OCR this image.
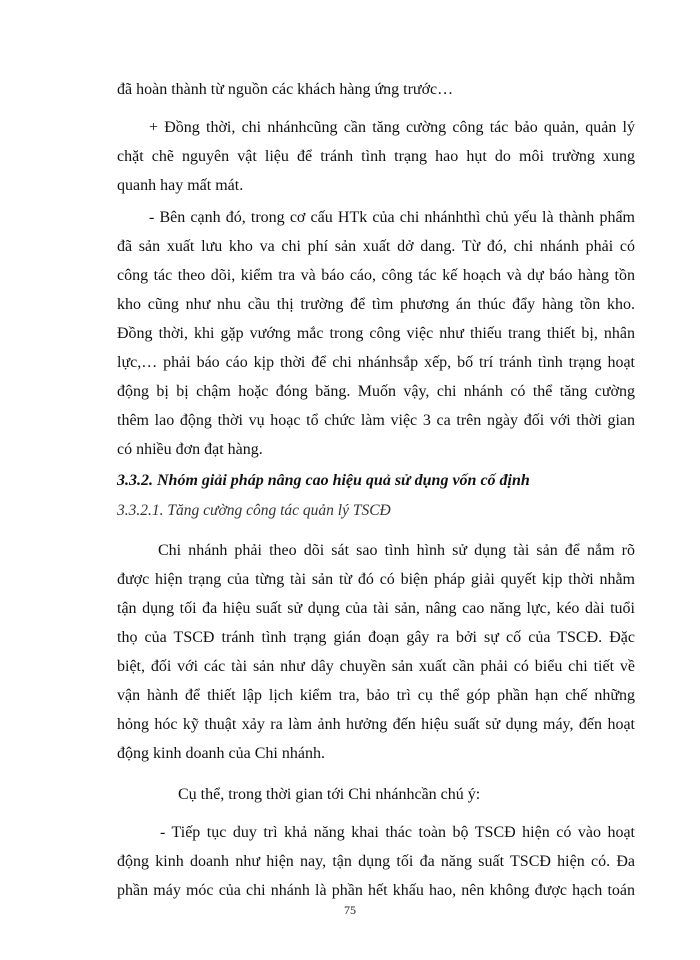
đã hoàn thành từ nguồn các khách hàng ứng trước…
+ Đồng thời, chi nhánhcũng cần tăng cường công tác bảo quản, quản lý
chặt chẽ nguyên vật liệu để tránh tình trạng hao hụt do môi trường xung
quanh hay mất mát.
- Bên cạnh đó, trong cơ cấu HTk của chi nhánhthì chủ yếu là thành phẩm
đã sản xuất lưu kho va chi phí sản xuất dở dang. Từ đó, chi nhánh phải có
công tác theo dõi, kiểm tra và báo cáo, công tác kế hoạch và dự báo hàng tồn
kho cũng như nhu cầu thị trường để tìm phương án thúc đẩy hàng tồn kho.
Đồng thời, khi gặp vướng mắc trong công việc như thiếu trang thiết bị, nhân
lực,… phải báo cáo kịp thời để chi nhánhsắp xếp, bố trí tránh tình trạng hoạt
động bị bị chậm hoặc đóng băng. Muốn vậy, chi nhánh có thể tăng cường
thêm lao động thời vụ hoạc tổ chức làm việc 3 ca trên ngày đối với thời gian
có nhiều đơn đạt hàng.
3.3.2. Nhóm giải pháp nâng cao hiệu quả sử dụng vốn cố định
3.3.2.1. Tăng cường công tác quản lý TSCĐ
Chi nhánh phải theo dõi sát sao tình hình sử dụng tài sản để nắm rõ
được hiện trạng của từng tài sản từ đó có biện pháp giải quyết kịp thời nhằm
tận dụng tối đa hiệu suất sử dụng của tài sản, nâng cao năng lực, kéo dài tuổi
thọ của TSCĐ tránh tình trạng gián đoạn gây ra bởi sự cố của TSCĐ. Đặc
biệt, đối với các tài sản như dây chuyền sản xuất cần phải có biểu chi tiết về
vận hành để thiết lập lịch kiểm tra, bảo trì cụ thể góp phần hạn chế những
hỏng hóc kỹ thuật xảy ra làm ảnh hưởng đến hiệu suất sử dụng máy, đến hoạt
động kinh doanh của Chi nhánh.
Cụ thể, trong thời gian tới Chi nhánhcần chú ý:
- Tiếp tục duy trì khả năng khai thác toàn bộ TSCĐ hiện có vào hoạt
động kinh doanh như hiện nay, tận dụng tối đa năng suất TSCĐ hiện có. Đa
phần máy móc của chi nhánh là phần hết khấu hao, nên không được hạch toán
75
